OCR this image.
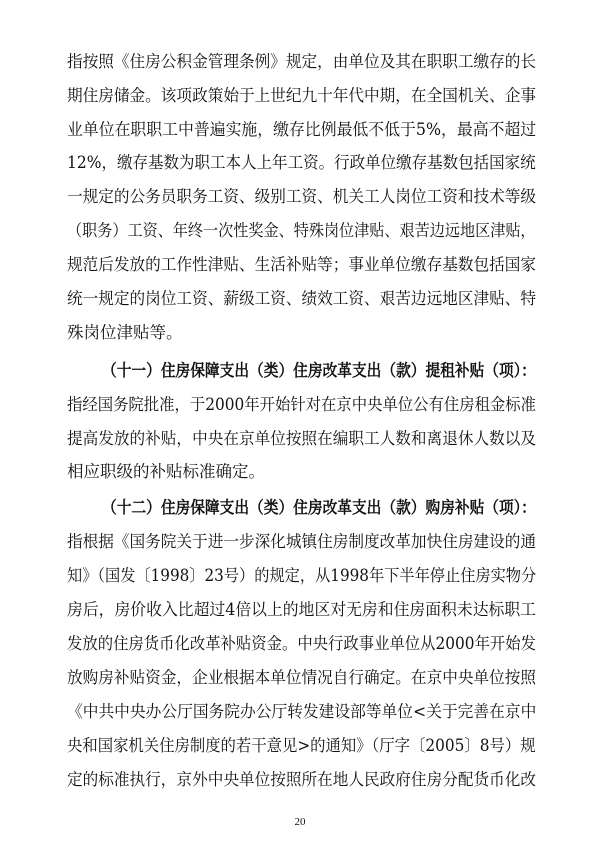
指按照《住房公积金管理条例》规定，由单位及其在职职工缴存的长
期住房储金。该项政策始于上世纪九十年代中期，在全国机关、企事
业单位在职职工中普遍实施，缴存比例最低不低于5%，最高不超过
12%，缴存基数为职工本人上年工资。行政单位缴存基数包括国家统
一规定的公务员职务工资、级别工资、机关工人岗位工资和技术等级
（职务）工资、年终一次性奖金、特殊岗位津贴、艰苦边远地区津贴，
规范后发放的工作性津贴、生活补贴等；事业单位缴存基数包括国家
统一规定的岗位工资、薪级工资、绩效工资、艰苦边远地区津贴、特
殊岗位津贴等。
（十一）住房保障支出（类）住房改革支出（款）提租补贴（项）：
指经国务院批准，于2000年开始针对在京中央单位公有住房租金标准
提高发放的补贴，中央在京单位按照在编职工人数和离退休人数以及
相应职级的补贴标准确定。
（十二）住房保障支出（类）住房改革支出（款）购房补贴（项）：
指根据《国务院关于进一步深化城镇住房制度改革加快住房建设的通
知》（国发〔1998〕23号）的规定，从1998年下半年停止住房实物分
房后，房价收入比超过4倍以上的地区对无房和住房面积未达标职工
发放的住房货币化改革补贴资金。中央行政事业单位从2000年开始发
放购房补贴资金，企业根据本单位情况自行确定。在京中央单位按照
《中共中央办公厅国务院办公厅转发建设部等单位<关于完善在京中
央和国家机关住房制度的若干意见>的通知》（厅字〔2005〕8号）规
定的标准执行，京外中央单位按照所在地人民政府住房分配货币化改
20
